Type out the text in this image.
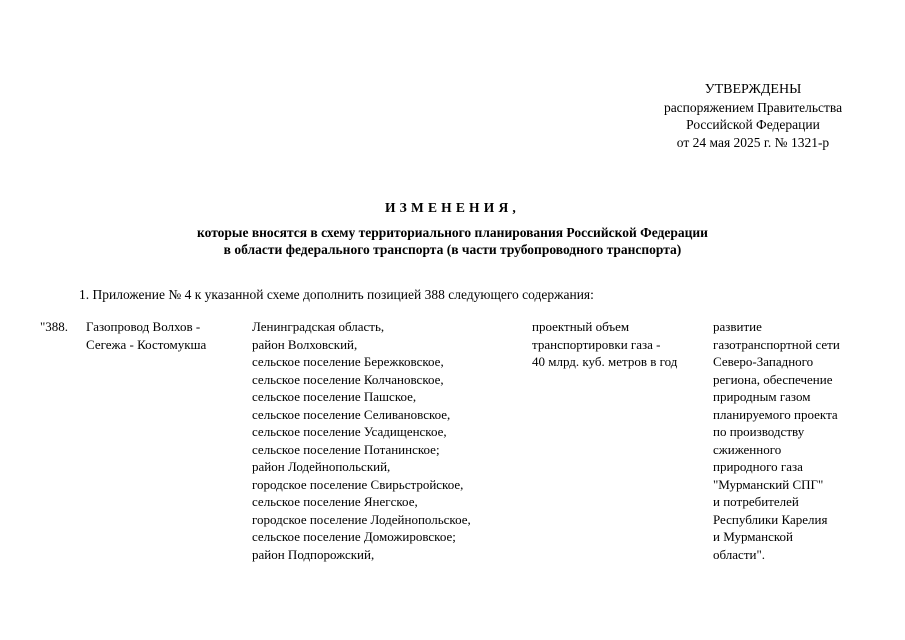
УТВЕРЖДЕНЫ
распоряжением Правительства
Российской Федерации
от 24 мая 2025 г. № 1321-р
ИЗМЕНЕНИЯ,
которые вносятся в схему территориального планирования Российской Федерации
в области федерального транспорта (в части трубопроводного транспорта)
1. Приложение № 4 к указанной схеме дополнить позицией 388 следующего содержания:
"388. Газопровод Волхов -
Сегежа - Костомукша
Ленинградская область,
район Волховский,
сельское поселение Бережковское,
сельское поселение Колчановское,
сельское поселение Пашское,
сельское поселение Селивановское,
сельское поселение Усадищенское,
сельское поселение Потанинское;
район Лодейнопольский,
городское поселение Свирьстройское,
сельское поселение Янегское,
городское поселение Лодейнопольское,
сельское поселение Доможировское;
район Подпорожский,
проектный объем
транспортировки газа -
40 млрд. куб. метров в год
развитие
газотранспортной сети
Северо-Западного
региона, обеспечение
природным газом
планируемого проекта
по производству
сжиженного
природного газа
"Мурманский СПГ"
и потребителей
Республики Карелия
и Мурманской
области".
